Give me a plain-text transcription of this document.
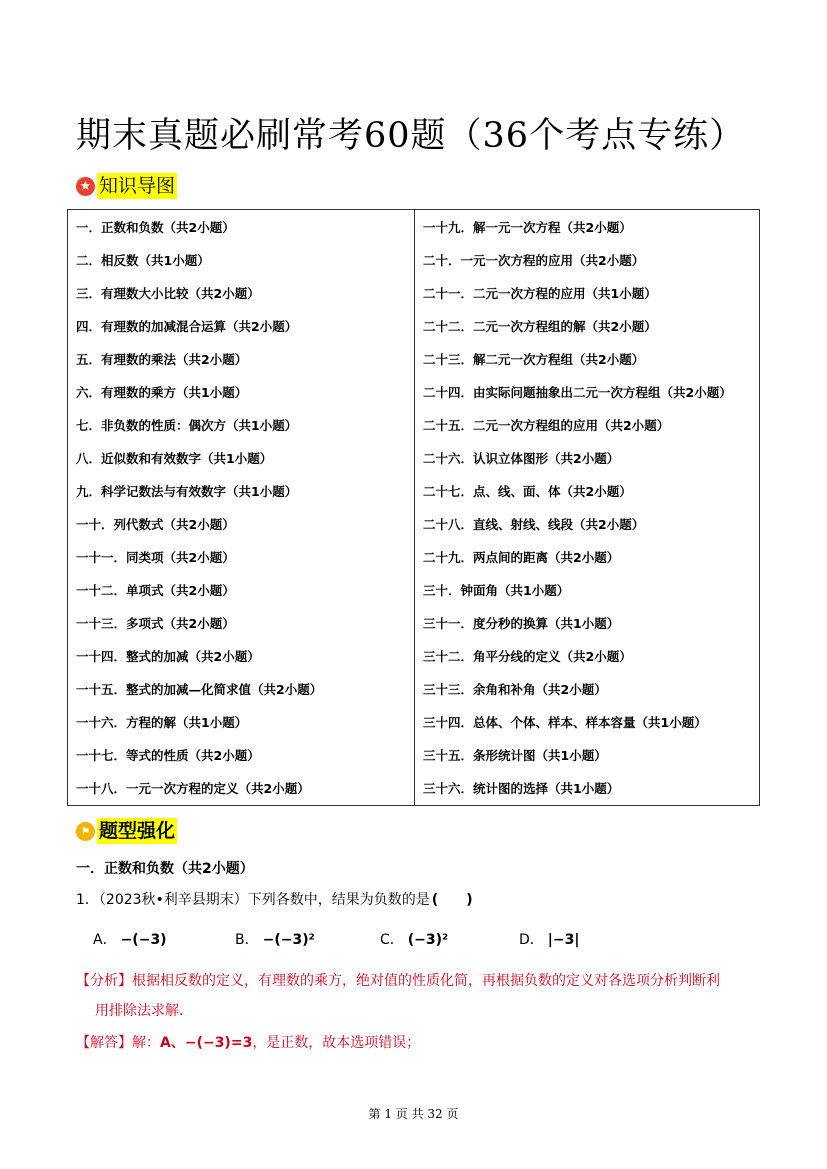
期末真题必刷常考60题（36个考点专练）
★ 知识导图
一．正数和负数（共2小题）	一十九．解一元一次方程（共2小题）
二．相反数（共1小题）	二十．一元一次方程的应用（共2小题）
三．有理数大小比较（共2小题）	二十一．二元一次方程的应用（共1小题）
四．有理数的加减混合运算（共2小题）	二十二．二元一次方程组的解（共2小题）
五．有理数的乘法（共2小题）	二十三．解二元一次方程组（共2小题）
六．有理数的乘方（共1小题）	二十四．由实际问题抽象出二元一次方程组（共2小题）
七．非负数的性质：偶次方（共1小题）	二十五．二元一次方程组的应用（共2小题）
八．近似数和有效数字（共1小题）	二十六．认识立体图形（共2小题）
九．科学记数法与有效数字（共1小题）	二十七．点、线、面、体（共2小题）
一十．列代数式（共2小题）	二十八．直线、射线、线段（共2小题）
一十一．同类项（共2小题）	二十九．两点间的距离（共2小题）
一十二．单项式（共2小题）	三十．钟面角（共1小题）
一十三．多项式（共2小题）	三十一．度分秒的换算（共1小题）
一十四．整式的加减（共2小题）	三十二．角平分线的定义（共2小题）
一十五．整式的加减—化简求值（共2小题）	三十三．余角和补角（共2小题）
一十六．方程的解（共1小题）	三十四．总体、个体、样本、样本容量（共1小题）
一十七．等式的性质（共2小题）	三十五．条形统计图（共1小题）
一十八．一元一次方程的定义（共2小题）	三十六．统计图的选择（共1小题）
⚑ 题型强化
一．正数和负数（共2小题）
1．（2023秋•利辛县期末）下列各数中，结果为负数的是 (　　)
A． −(−3)	B． −(−3)²	C． (−3)²	D． |−3|
【分析】根据相反数的定义，有理数的乘方，绝对值的性质化简，再根据负数的定义对各选项分析判断利
用排除法求解．
【解答】解：A、−(−3)=3，是正数，故本选项错误；
第 1 页 共 32 页
